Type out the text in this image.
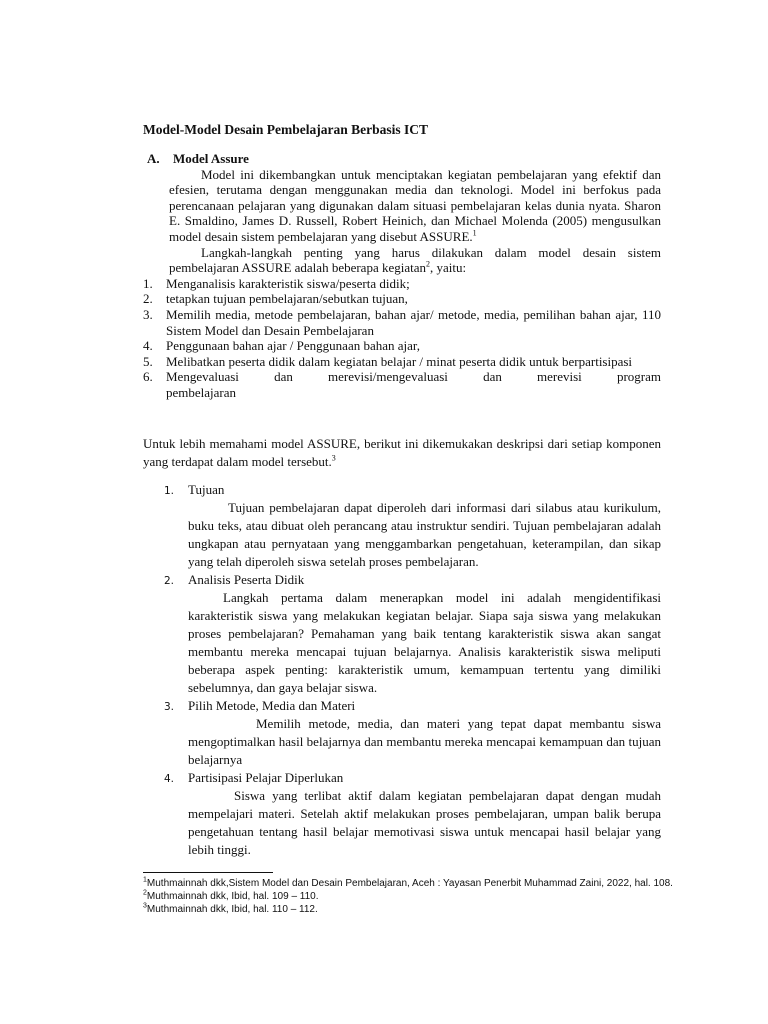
Model-Model Desain Pembelajaran Berbasis ICT
A. Model Assure
Model ini dikembangkan untuk menciptakan kegiatan pembelajaran yang efektif dan efesien, terutama dengan menggunakan media dan teknologi. Model ini berfokus pada perencanaan pelajaran yang digunakan dalam situasi pembelajaran kelas dunia nyata. Sharon E. Smaldino, James D. Russell, Robert Heinich, dan Michael Molenda (2005) mengusulkan model desain sistem pembelajaran yang disebut ASSURE.$^1$
Langkah-langkah penting yang harus dilakukan dalam model desain sistem pembelajaran ASSURE adalah beberapa kegiatan$^2$, yaitu:
1. Menganalisis karakteristik siswa/peserta didik;
2. tetapkan tujuan pembelajaran/sebutkan tujuan,
3. Memilih media, metode pembelajaran, bahan ajar/ metode, media, pemilihan bahan ajar, 110 Sistem Model dan Desain Pembelajaran
4. Penggunaan bahan ajar / Penggunaan bahan ajar,
5. Melibatkan peserta didik dalam kegiatan belajar / minat peserta didik untuk berpartisipasi
6. Mengevaluasi dan merevisi/mengevaluasi dan merevisi program
pembelajaran
Untuk lebih memahami model ASSURE, berikut ini dikemukakan deskripsi dari setiap komponen yang terdapat dalam model tersebut.$^3$
1. Tujuan
Tujuan pembelajaran dapat diperoleh dari informasi dari silabus atau kurikulum, buku teks, atau dibuat oleh perancang atau instruktur sendiri. Tujuan pembelajaran adalah ungkapan atau pernyataan yang menggambarkan pengetahuan, keterampilan, dan sikap yang telah diperoleh siswa setelah proses pembelajaran.
2. Analisis Peserta Didik
Langkah pertama dalam menerapkan model ini adalah mengidentifikasi karakteristik siswa yang melakukan kegiatan belajar. Siapa saja siswa yang melakukan proses pembelajaran? Pemahaman yang baik tentang karakteristik siswa akan sangat membantu mereka mencapai tujuan belajarnya. Analisis karakteristik siswa meliputi beberapa aspek penting: karakteristik umum, kemampuan tertentu yang dimiliki sebelumnya, dan gaya belajar siswa.
3. Pilih Metode, Media dan Materi
Memilih metode, media, dan materi yang tepat dapat membantu siswa mengoptimalkan hasil belajarnya dan membantu mereka mencapai kemampuan dan tujuan belajarnya
4. Partisipasi Pelajar Diperlukan
Siswa yang terlibat aktif dalam kegiatan pembelajaran dapat dengan mudah mempelajari materi. Setelah aktif melakukan proses pembelajaran, umpan balik berupa pengetahuan tentang hasil belajar memotivasi siswa untuk mencapai hasil belajar yang lebih tinggi.
$^1$Muthmainnah dkk,Sistem Model dan Desain Pembelajaran, Aceh : Yayasan Penerbit Muhammad Zaini, 2022, hal. 108.
$^2$Muthmainnah dkk, Ibid, hal. 109 – 110.
$^3$Muthmainnah dkk, Ibid, hal. 110 – 112.
